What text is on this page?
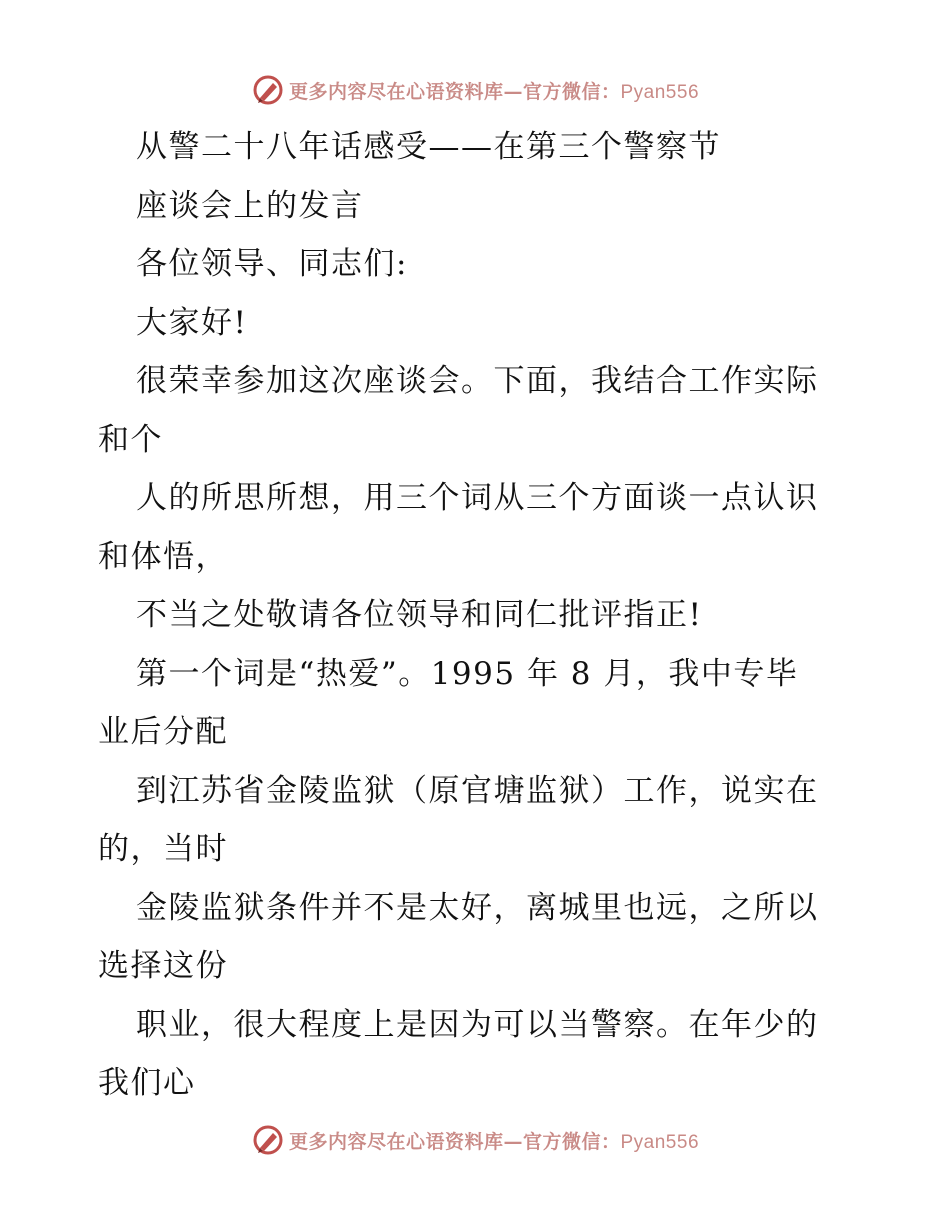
更多内容尽在心语资料库—官方微信：Pyan556
从警二十八年话感受——在第三个警察节
座谈会上的发言
各位领导、同志们:
大家好!
很荣幸参加这次座谈会。下面，我结合工作实际
和个
人的所思所想，用三个词从三个方面谈一点认识
和体悟，
不当之处敬请各位领导和同仁批评指正!
第一个词是“热爱”。1995 年 8 月，我中专毕
业后分配
到江苏省金陵监狱（原官塘监狱）工作，说实在
的，当时
金陵监狱条件并不是太好，离城里也远，之所以
选择这份
职业，很大程度上是因为可以当警察。在年少的
我们心
更多内容尽在心语资料库—官方微信：Pyan556
